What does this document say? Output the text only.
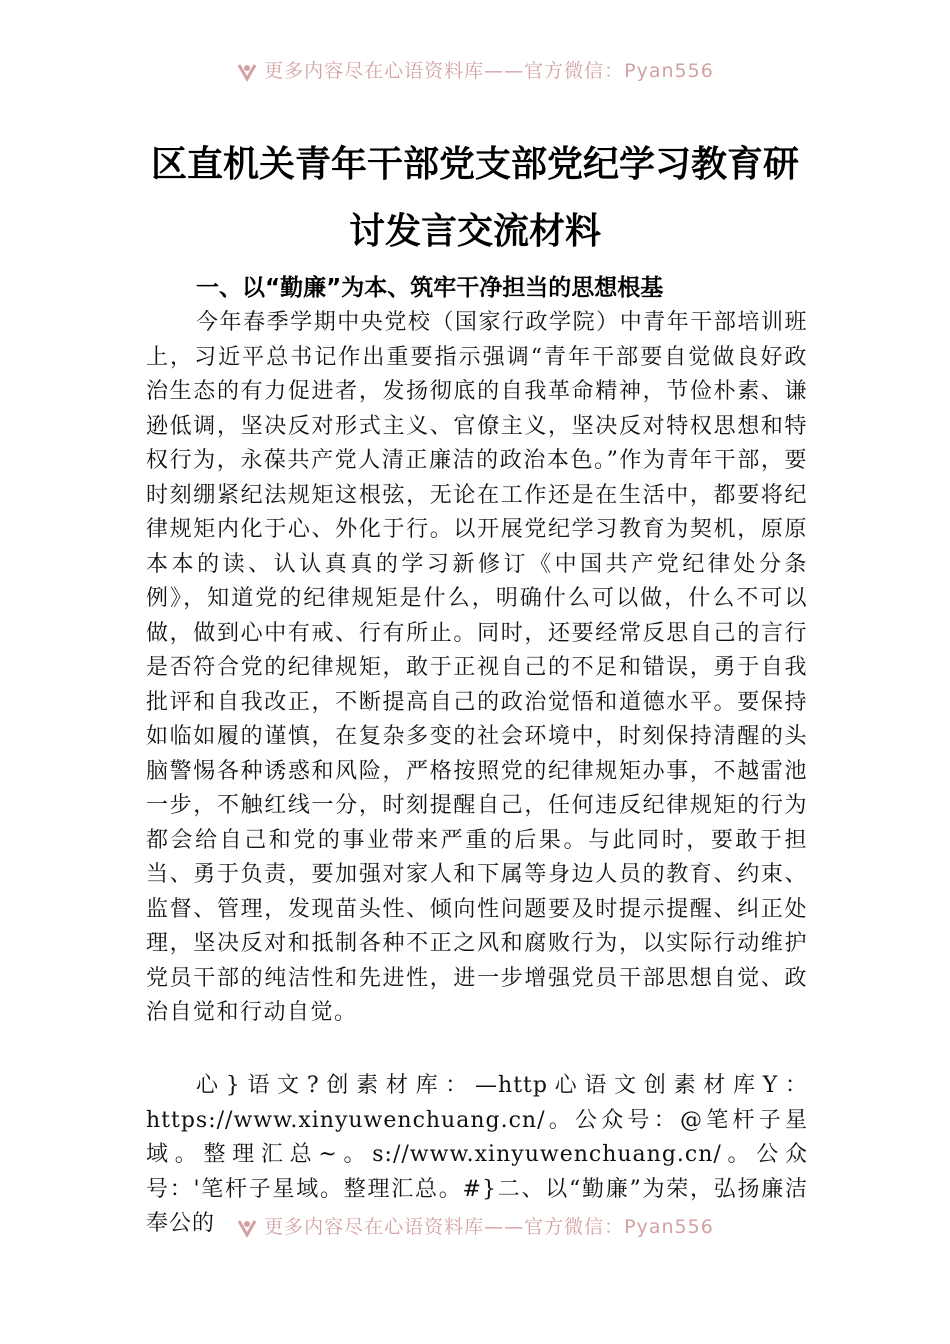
更多内容尽在心语资料库——官方微信：Pyan556
区直机关青年干部党支部党纪学习教育研
讨发言交流材料
一、以“勤廉”为本、筑牢干净担当的思想根基

今年春季学期中央党校（国家行政学院）中青年干部培训班上，习近平总书记作出重要指示强调“青年干部要自觉做良好政治生态的有力促进者，发扬彻底的自我革命精神，节俭朴素、谦逊低调，坚决反对形式主义、官僚主义，坚决反对特权思想和特权行为，永葆共产党人清正廉洁的政治本色。”作为青年干部，要时刻绷紧纪法规矩这根弦，无论在工作还是在生活中，都要将纪律规矩内化于心、外化于行。以开展党纪学习教育为契机，原原本本的读、认认真真的学习新修订《中国共产党纪律处分条例》，知道党的纪律规矩是什么，明确什么可以做，什么不可以做，做到心中有戒、行有所止。同时，还要经常反思自己的言行是否符合党的纪律规矩，敢于正视自己的不足和错误，勇于自我批评和自我改正，不断提高自己的政治觉悟和道德水平。要保持如临如履的谨慎，在复杂多变的社会环境中，时刻保持清醒的头脑警惕各种诱惑和风险，严格按照党的纪律规矩办事，不越雷池一步，不触红线一分，时刻提醒自己，任何违反纪律规矩的行为都会给自己和党的事业带来严重的后果。与此同时，要敢于担当、勇于负责，要加强对家人和下属等身边人员的教育、约束、监督、管理，发现苗头性、倾向性问题要及时提示提醒、纠正处理，坚决反对和抵制各种不正之风和腐败行为，以实际行动维护党员干部的纯洁性和先进性，进一步增强党员干部思想自觉、政治自觉和行动自觉。

心}语文?创素材库：—http心语文创素材库Y：https://www.xinyuwenchuang.cn/。公众号：@笔杆子星域。整理汇总~。s://www.xinyuwenchuang.cn/。公众号：'笔杆子星域。整理汇总。#}二、以“勤廉”为荣，弘扬廉洁奉公的	更多内容尽在心语资料库——官方微信：Pyan556
